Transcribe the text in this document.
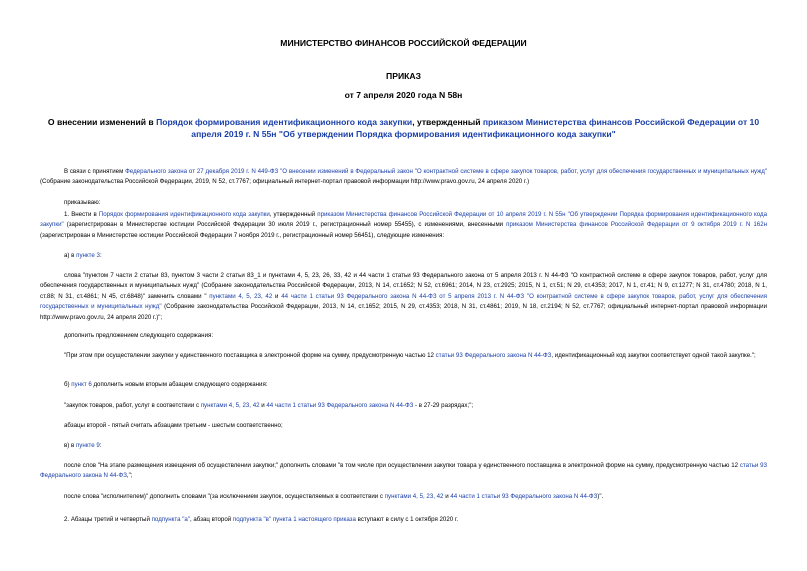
МИНИСТЕРСТВО ФИНАНСОВ РОССИЙСКОЙ ФЕДЕРАЦИИ
ПРИКАЗ
от 7 апреля 2020 года N 58н
О внесении изменений в Порядок формирования идентификационного кода закупки, утвержденный приказом Министерства финансов Российской Федерации от 10 апреля 2019 г. N 55н "Об утверждении Порядка формирования идентификационного кода закупки"
В связи с принятием Федерального закона от 27 декабря 2019 г. N 449-ФЗ "О внесении изменений в Федеральный закон "О контрактной системе в сфере закупок товаров, работ, услуг для обеспечения государственных и муниципальных нужд" (Собрание законодательства Российской Федерации, 2019, N 52, ст.7767; официальный интернет-портал правовой информации http://www.pravo.gov.ru, 24 апреля 2020 г.)
приказываю:
1. Внести в Порядок формирования идентификационного кода закупки, утвержденный приказом Министерства финансов Российской Федерации от 10 апреля 2019 г. N 55н "Об утверждении Порядка формирования идентификационного кода закупки" (зарегистрирован в Министерстве юстиции Российской Федерации 30 июля 2019 г., регистрационный номер 55455), с изменениями, внесенными приказом Министерства финансов Российской Федерации от 9 октября 2019 г. N 162н (зарегистрирован в Министерстве юстиции Российской Федерации 7 ноября 2019 г., регистрационный номер 56451), следующие изменения:
а) в пункте 3:
слова "пунктом 7 части 2 статьи 83, пунктом 3 части 2 статьи 83_1 и пунктами 4, 5, 23, 26, 33, 42 и 44 части 1 статьи 93 Федерального закона от 5 апреля 2013 г. N 44-ФЗ "О контрактной системе в сфере закупок товаров, работ, услуг для обеспечения государственных и муниципальных нужд" (Собрание законодательства Российской Федерации, 2013, N 14, ст.1652; N 52, ст.6961; 2014, N 23, ст.2925; 2015, N 1, ст.51; N 29, ст.4353; 2017, N 1, ст.41; N 9, ст.1277; N 31, ст.4780; 2018, N 1, ст.88; N 31, ст.4861; N 45, ст.6848)" заменить словами " пунктами 4, 5, 23, 42 и 44 части 1 статьи 93 Федерального закона N 44-ФЗ от 5 апреля 2013 г. N 44-ФЗ "О контрактной системе в сфере закупок товаров, работ, услуг для обеспечения государственных и муниципальных нужд" (Собрание законодательства Российской Федерации, 2013, N 14, ст.1652; 2015, N 29, ст.4353; 2018, N 31, ст.4861; 2019, N 18, ст.2194; N 52, ст.7767; официальный интернет-портал правовой информации http://www.pravo.gov.ru, 24 апреля 2020 г.)";
дополнить предложением следующего содержания:
"При этом при осуществлении закупки у единственного поставщика в электронной форме на сумму, предусмотренную частью 12 статьи 93 Федерального закона N 44-ФЗ, идентификационный код закупки соответствует одной такой закупке.";
б) пункт 6 дополнить новым вторым абзацем следующего содержания:
"закупок товаров, работ, услуг в соответствии с пунктами 4, 5, 23, 42 и 44 части 1 статьи 93 Федерального закона N 44-ФЗ - в 27-29 разрядах;";
абзацы второй - пятый считать абзацами третьим - шестым соответственно;
в) в пункте 9:
после слов "На этапе размещения извещения об осуществлении закупки;" дополнить словами "в том числе при осуществлении закупки товара у единственного поставщика в электронной форме на сумму, предусмотренную частью 12 статьи 93 Федерального закона N 44-ФЗ,";
после слова "исполнителем)" дополнить словами "(за исключением закупок, осуществляемых в соответствии с пунктами 4, 5, 23, 42 и 44 части 1 статьи 93 Федерального закона N 44-ФЗ)".
2. Абзацы третий и четвертый подпункта "а", абзац второй подпункта "в" пункта 1 настоящего приказа вступают в силу с 1 октября 2020 г.
